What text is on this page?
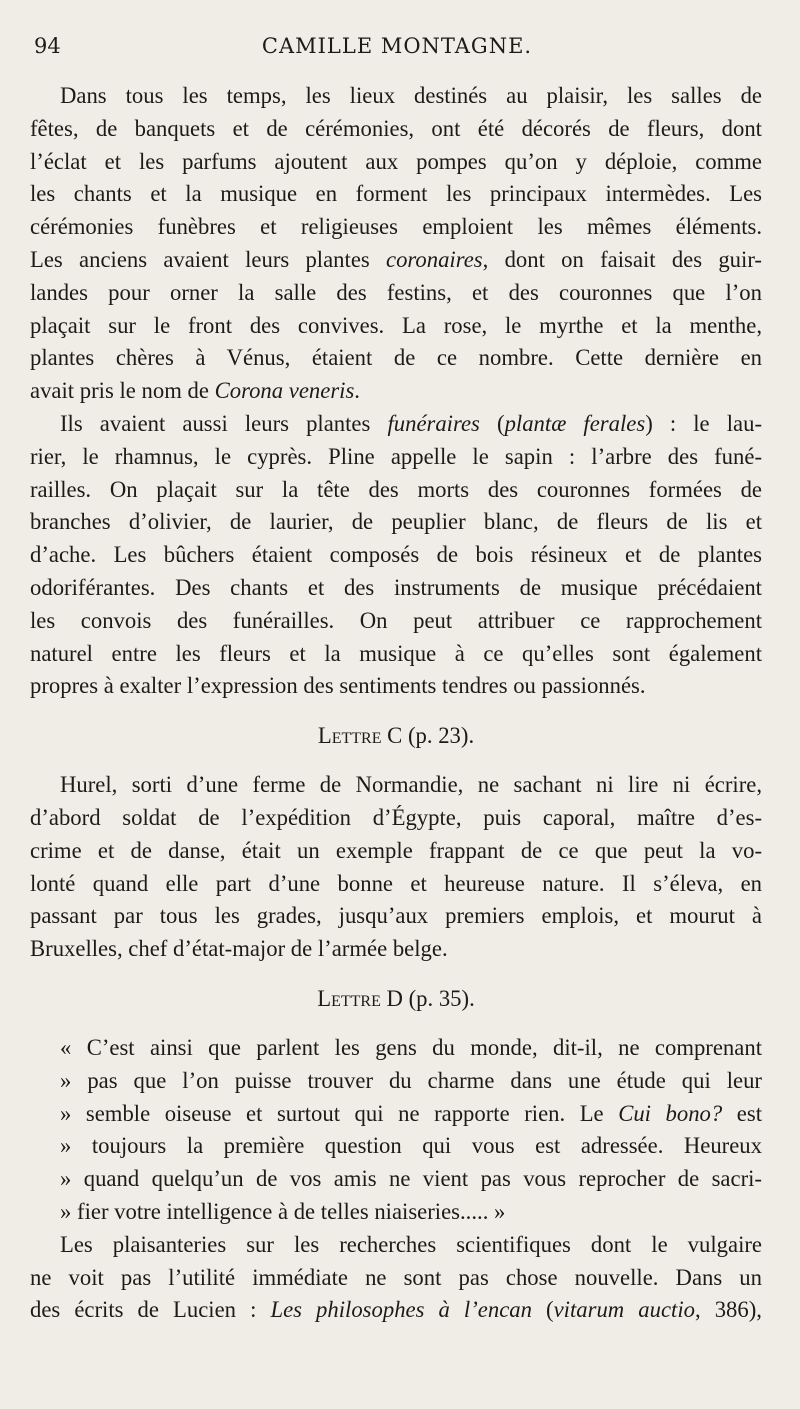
94	CAMILLE MONTAGNE.

Dans tous les temps, les lieux destinés au plaisir, les salles de

fêtes, de banquets et de cérémonies, ont été décorés de fleurs, dont

l’éclat et les parfums ajoutent aux pompes qu’on y déploie, comme

les chants et la musique en forment les principaux intermèdes. Les

cérémonies funèbres et religieuses emploient les mêmes éléments.

Les anciens avaient leurs plantes coronaires, dont on faisait des guir-

landes pour orner la salle des festins, et des couronnes que l’on

plaçait sur le front des convives. La rose, le myrthe et la menthe,

plantes chères à Vénus, étaient de ce nombre. Cette dernière en

avait pris le nom de Corona veneris.

Ils avaient aussi leurs plantes funéraires (plantæ ferales) : le lau-

rier, le rhamnus, le cyprès. Pline appelle le sapin : l’arbre des funé-

railles. On plaçait sur la tête des morts des couronnes formées de

branches d’olivier, de laurier, de peuplier blanc, de fleurs de lis et

d’ache. Les bûchers étaient composés de bois résineux et de plantes

odoriférantes. Des chants et des instruments de musique précédaient

les convois des funérailles. On peut attribuer ce rapprochement

naturel entre les fleurs et la musique à ce qu’elles sont également

propres à exalter l’expression des sentiments tendres ou passionnés.

Lettre C (p. 23).

Hurel, sorti d’une ferme de Normandie, ne sachant ni lire ni écrire,

d’abord soldat de l’expédition d’Égypte, puis caporal, maître d’es-

crime et de danse, était un exemple frappant de ce que peut la vo-

lonté quand elle part d’une bonne et heureuse nature. Il s’éleva, en

passant par tous les grades, jusqu’aux premiers emplois, et mourut à

Bruxelles, chef d’état-major de l’armée belge.

Lettre D (p. 35).

« C’est ainsi que parlent les gens du monde, dit-il, ne comprenant

» pas que l’on puisse trouver du charme dans une étude qui leur

» semble oiseuse et surtout qui ne rapporte rien. Le Cui bono? est

» toujours la première question qui vous est adressée. Heureux

» quand quelqu’un de vos amis ne vient pas vous reprocher de sacri-

» fier votre intelligence à de telles niaiseries..... »

Les plaisanteries sur les recherches scientifiques dont le vulgaire

ne voit pas l’utilité immédiate ne sont pas chose nouvelle. Dans un

des écrits de Lucien : Les philosophes à l’encan (vitarum auctio, 386),
